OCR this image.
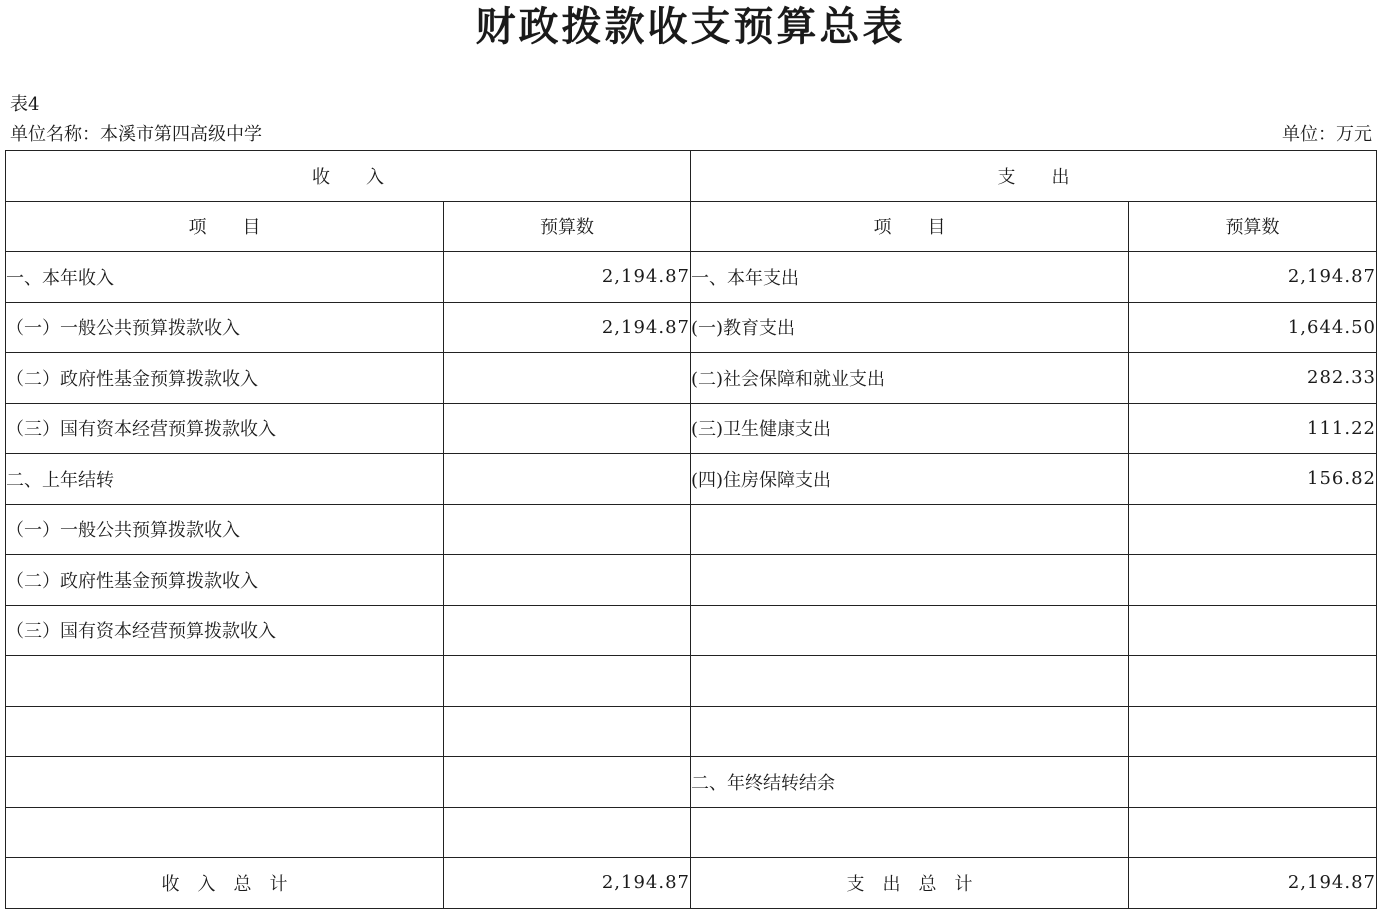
财政拨款收支预算总表
表4
单位名称：本溪市第四高级中学	单位：万元
收　　入		支　　出	
项　　目	预算数	项　　目	预算数
一、本年收入	2,194.87	一、本年支出	2,194.87
（一）一般公共预算拨款收入	2,194.87	(一)教育支出	1,644.50
（二）政府性基金预算拨款收入		(二)社会保障和就业支出	282.33
（三）国有资本经营预算拨款收入		(三)卫生健康支出	111.22
二、上年结转		(四)住房保障支出	156.82
（一）一般公共预算拨款收入			
（二）政府性基金预算拨款收入			
（三）国有资本经营预算拨款收入			

		二、年终结转结余	

收　入　总　计	2,194.87	支　出　总　计	2,194.87
